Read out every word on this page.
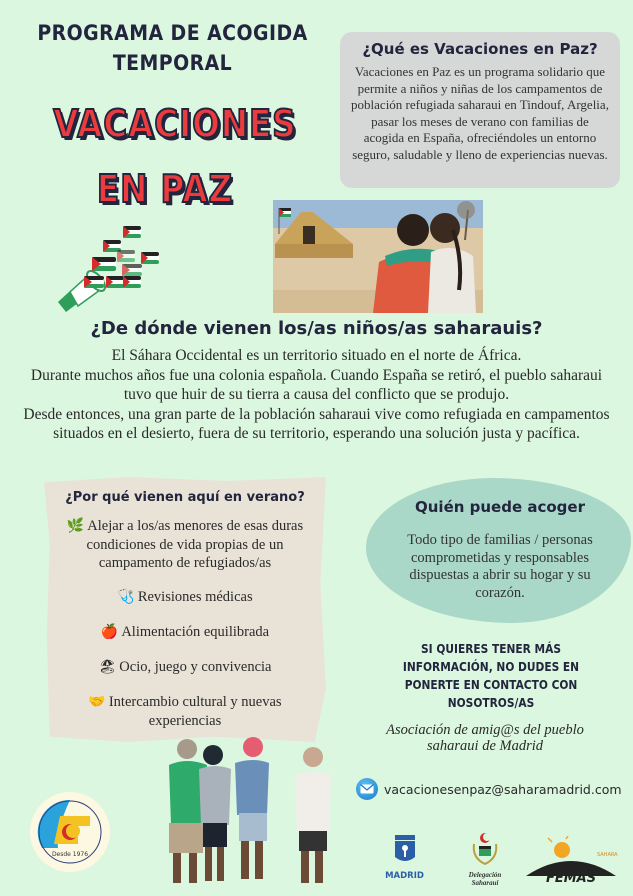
PROGRAMA DE ACOGIDA TEMPORAL
VACACIONES
EN PAZ
¿Qué es Vacaciones en Paz?

Vacaciones en Paz es un programa solidario que permite a niños y niñas de los campamentos de población refugiada saharaui en Tindouf, Argelia, pasar los meses de verano con familias de acogida en España, ofreciéndoles un entorno seguro, saludable y lleno de experiencias nuevas.

¿De dónde vienen los/as niños/as saharauis?
El Sáhara Occidental es un territorio situado en el norte de África.
Durante muchos años fue una colonia española. Cuando España se retiró, el pueblo saharaui tuvo que huir de su tierra a causa del conflicto que se produjo.
Desde entonces, una gran parte de la población saharaui vive como refugiada en campamentos situados en el desierto, fuera de su territorio, esperando una solución justa y pacífica.
¿Por qué vienen aquí en verano?
🌿 Alejar a los/as menores de esas duras condiciones de vida propias de un campamento de refugiados/as
🩺 Revisiones médicas
🍎 Alimentación equilibrada
🏖 Ocio, juego y convivencia
🤝 Intercambio cultural y nuevas experiencias
Quién puede acoger

Todo tipo de familias / personas comprometidas y responsables dispuestas a abrir su hogar y su corazón.

SI QUIERES TENER MÁS INFORMACIÓN, NO DUDES EN PONERTE EN CONTACTO CON NOSOTROS/AS
Asociación de amig@s del pueblo saharaui de Madrid
vacacionesenpaz@saharamadrid.com
Desde 1976
MADRID	Delegación Saharaui	FEMAS
SAHARA
